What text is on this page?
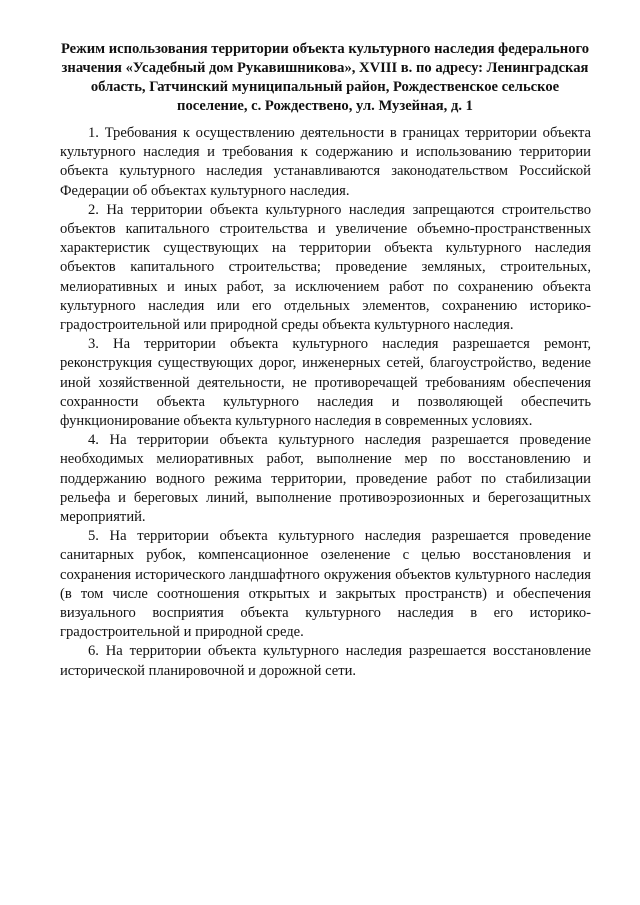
Режим использования территории объекта культурного наследия федерального значения «Усадебный дом Рукавишникова», XVIII в. по адресу: Ленинградская область, Гатчинский муниципальный район, Рождественское сельское поселение, с. Рождествено, ул. Музейная, д. 1

1. Требования к осуществлению деятельности в границах территории объекта культурного наследия и требования к содержанию и использованию территории объекта культурного наследия устанавливаются законодательством Российской Федерации об объектах культурного наследия.

2. На территории объекта культурного наследия запрещаются строительство объектов капитального строительства и увеличение объемно-пространственных характеристик существующих на территории объекта культурного наследия объектов капитального строительства; проведение земляных, строительных, мелиоративных и иных работ, за исключением работ по сохранению объекта культурного наследия или его отдельных элементов, сохранению историко-градостроительной или природной среды объекта культурного наследия.

3. На территории объекта культурного наследия разрешается ремонт, реконструкция существующих дорог, инженерных сетей, благоустройство, ведение иной хозяйственной деятельности, не противоречащей требованиям обеспечения сохранности объекта культурного наследия и позволяющей обеспечить функционирование объекта культурного наследия в современных условиях.

4. На территории объекта культурного наследия разрешается проведение необходимых мелиоративных работ, выполнение мер по восстановлению и поддержанию водного режима территории, проведение работ по стабилизации рельефа и береговых линий, выполнение противоэрозионных и берегозащитных мероприятий.

5. На территории объекта культурного наследия разрешается проведение санитарных рубок, компенсационное озеленение с целью восстановления и сохранения исторического ландшафтного окружения объектов культурного наследия (в том числе соотношения открытых и закрытых пространств) и обеспечения визуального восприятия объекта культурного наследия в его историко-градостроительной и природной среде.

6. На территории объекта культурного наследия разрешается восстановление исторической планировочной и дорожной сети.
